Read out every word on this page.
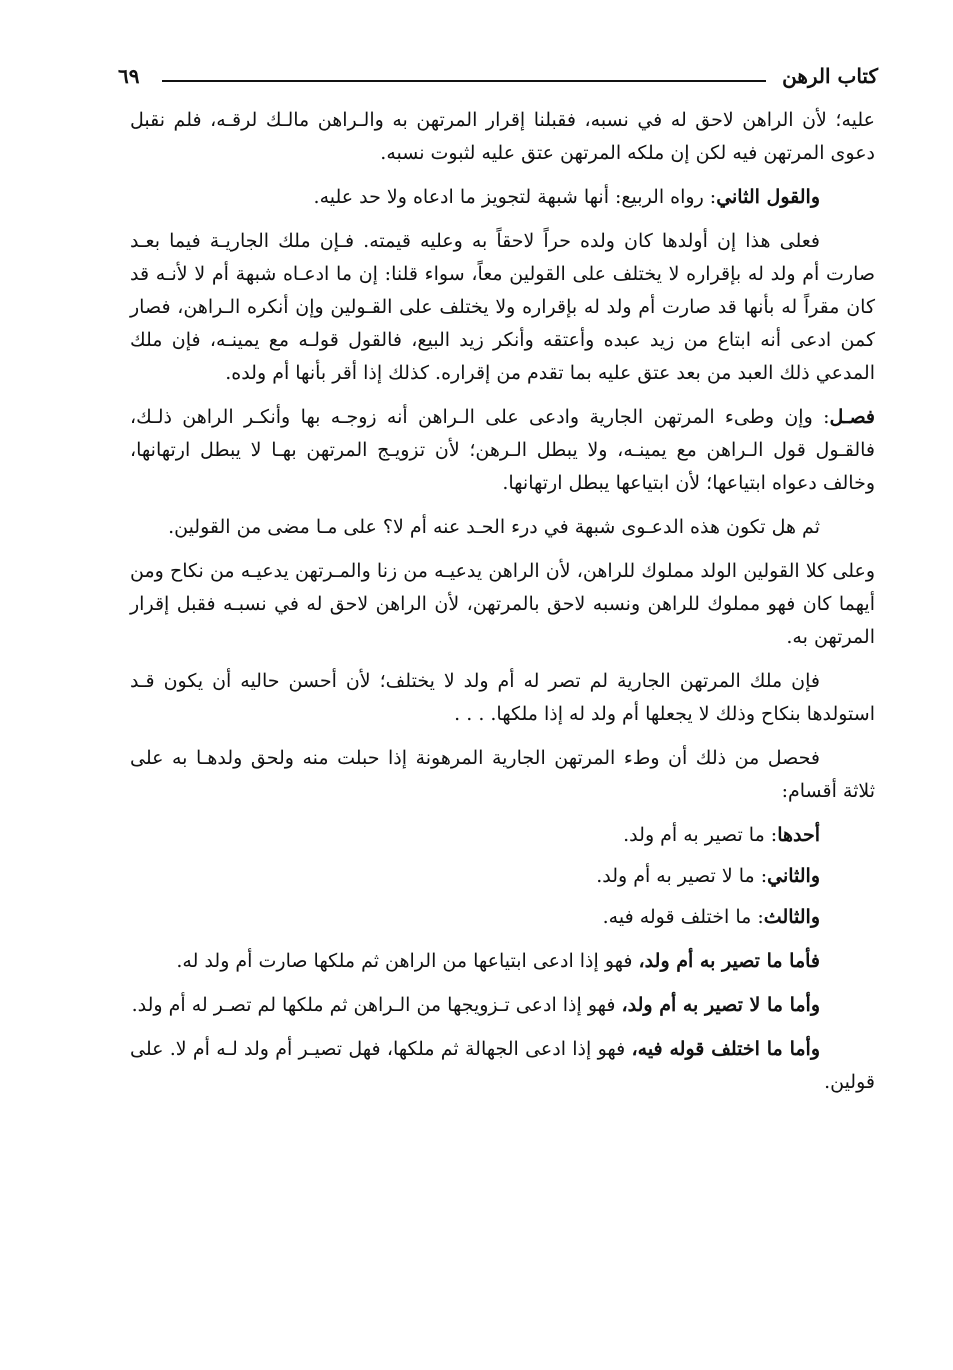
كتاب الرهن
٦٩

عليه؛ لأن الراهن لاحق له في نسبه، فقبلنا إقرار المرتهن به والـراهن مالـك لرقـه، فلم نقبل دعوى المرتهن فيه لكن إن ملكه المرتهن عتق عليه لثبوت نسبه.

والقول الثاني: رواه الربيع: أنها شبهة لتجويز ما ادعاه ولا حد عليه.

فعلى هذا إن أولدها كان ولده حراً لاحقاً به وعليه قيمته. فـإن ملك الجاريـة فيما بعـد صارت أم ولد له بإقراره لا يختلف على القولين معاً، سواء قلنا: إن ما ادعـاه شبهة أم لا لأنـه قد كان مقراً له بأنها قد صارت أم ولد له بإقراره ولا يختلف على القـولين وإن أنكره الـراهن، فصار كمن ادعى أنه ابتاع من زيد عبده وأعتقه وأنكر زيد البيع، فالقول قولـه مع يمينـه، فإن ملك المدعي ذلك العبد من بعد عتق عليه بما تقدم من إقراره. كذلك إذا أقر بأنها أم ولده.

فصـل: وإن وطىء المرتهن الجارية وادعى على الـراهن أنه زوجـه بها وأنكـر الراهن ذلـك، فالقـول قول الـراهن مع يمينـه، ولا يبطل الـرهن؛ لأن تزويـج المرتهن بهـا لا يبطل ارتهانها، وخالف دعواه ابتياعها؛ لأن ابتياعها يبطل ارتهانها.

ثم هل تكون هذه الدعـوى شبهة في درء الحـد عنه أم لا؟ على مـا مضى من القولين.

وعلى كلا القولين الولد مملوك للراهن، لأن الراهن يدعيـه من زنا والمـرتهن يدعيـه من نكاح ومن أيهما كان فهو مملوك للراهن ونسبه لاحق بالمرتهن، لأن الراهن لاحق له في نسبـه فقبل إقرار المرتهن به.

فإن ملك المرتهن الجارية لم تصر له أم ولد لا يختلف؛ لأن أحسن حاليه أن يكون قـد استولدها بنكاح وذلك لا يجعلها أم ولد له إذا ملكها. . . .

فحصل من ذلك أن وطء المرتهن الجارية المرهونة إذا حبلت منه ولحق ولدهـا به على ثلاثة أقسام:

أحدها: ما تصير به أم ولد.

والثاني: ما لا تصير به أم ولد.

والثالث: ما اختلف قوله فيه.

فأما ما تصير به أم ولد، فهو إذا ادعى ابتياعها من الراهن ثم ملكها صارت أم ولد له.

وأما ما لا تصير به أم ولد، فهو إذا ادعى تـزويجها من الـراهن ثم ملكها لم تصـر له أم ولد.

وأما ما اختلف قوله فيه، فهو إذا ادعى الجهالة ثم ملكها، فهل تصيـر أم ولد لـه أم لا. على قولين.
